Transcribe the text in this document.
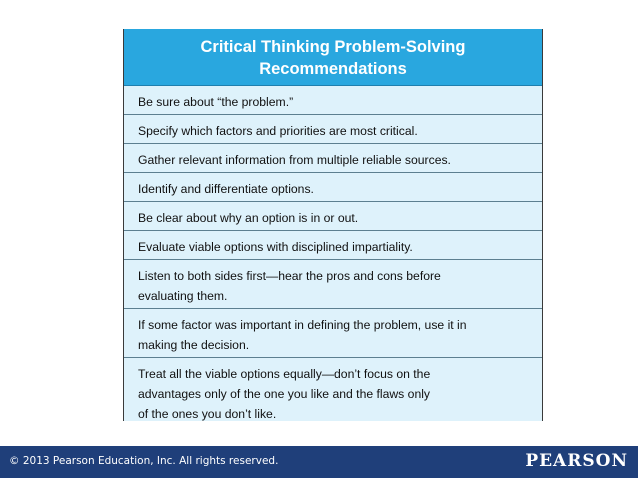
Critical Thinking Problem-Solving
Recommendations
Be sure about “the problem.”
Specify which factors and priorities are most critical.
Gather relevant information from multiple reliable sources.
Identify and differentiate options.
Be clear about why an option is in or out.
Evaluate viable options with disciplined impartiality.
Listen to both sides first—hear the pros and cons before
evaluating them.
If some factor was important in defining the problem, use it in
making the decision.
Treat all the viable options equally—don’t focus on the
advantages only of the one you like and the flaws only
of the ones you don’t like.
© 2013 Pearson Education, Inc. All rights reserved.	PEARSON
